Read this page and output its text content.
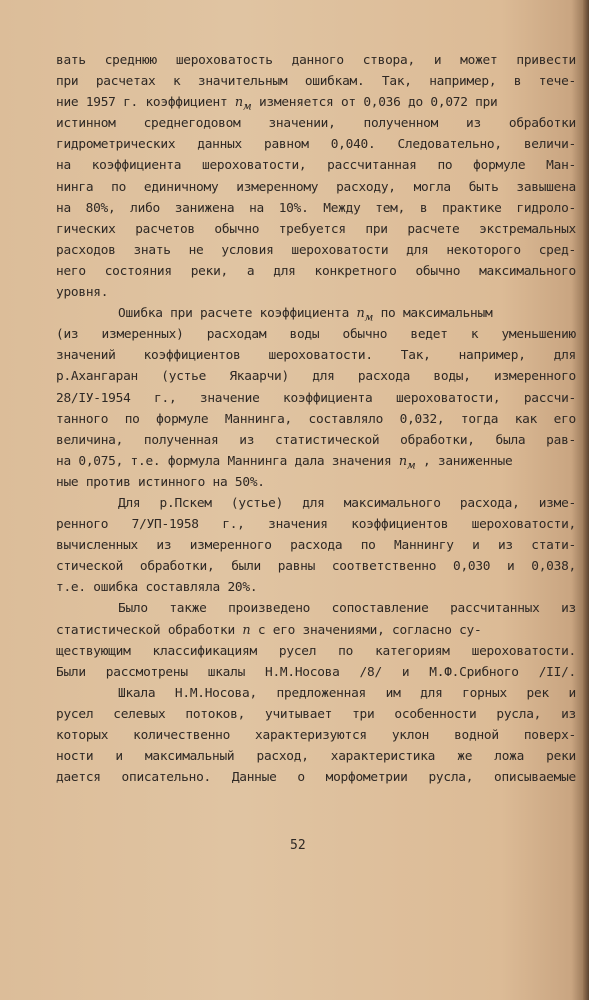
вать среднюю шероховатость данного створа, и может привести
при расчетах к значительным ошибкам. Так, например, в тече-
ние 1957 г. коэффициент $n_м$ изменяется от 0,036 до 0,072 при
истинном среднегодовом значении, полученном из обработки
гидрометрических данных равном 0,040. Следовательно, величи-
на коэффициента шероховатости, рассчитанная по формуле Ман-
нинга по единичному измеренному расходу, могла быть завышена
на 80%, либо занижена на 10%. Между тем, в практике гидроло-
гических расчетов обычно требуется при расчете экстремальных
расходов знать не условия шероховатости для некоторого сред-
него состояния реки, а для конкретного обычно максимального
уровня.
Ошибка при расчете коэффициента $n_м$ по максимальным
(из измеренных) расходам воды обычно ведет к уменьшению
значений коэффициентов шероховатости. Так, например, для
р.Ахангаран (устье Якаарчи) для расхода воды, измеренного
28/IУ-1954 г., значение коэффициента шероховатости, рассчи-
танного по формуле Маннинга, составляло 0,032, тогда как его
величина, полученная из статистической обработки, была рав-
на 0,075, т.е. формула Маннинга дала значения $n_м$ , заниженные
ные против истинного на 50%.
Для р.Пскем (устье) для максимального расхода, изме-
ренного 7/УП-1958 г., значения коэффициентов шероховатости,
вычисленных из измеренного расхода по Маннингу и из стати-
стической обработки, были равны соответственно 0,030 и 0,038,
т.е. ошибка составляла 20%.
Было также произведено сопоставление рассчитанных из
статистической обработки n с его значениями, согласно су-
ществующим классификациям русел по категориям шероховатости.
Были рассмотрены шкалы Н.М.Носова /8/ и М.Ф.Срибного /II/.
Шкала Н.М.Носова, предложенная им для горных рек и
русел селевых потоков, учитывает три особенности русла, из
которых количественно характеризуются уклон водной поверх-
ности и максимальный расход, характеристика же ложа реки
дается описательно. Данные о морфометрии русла, описываемые
52
